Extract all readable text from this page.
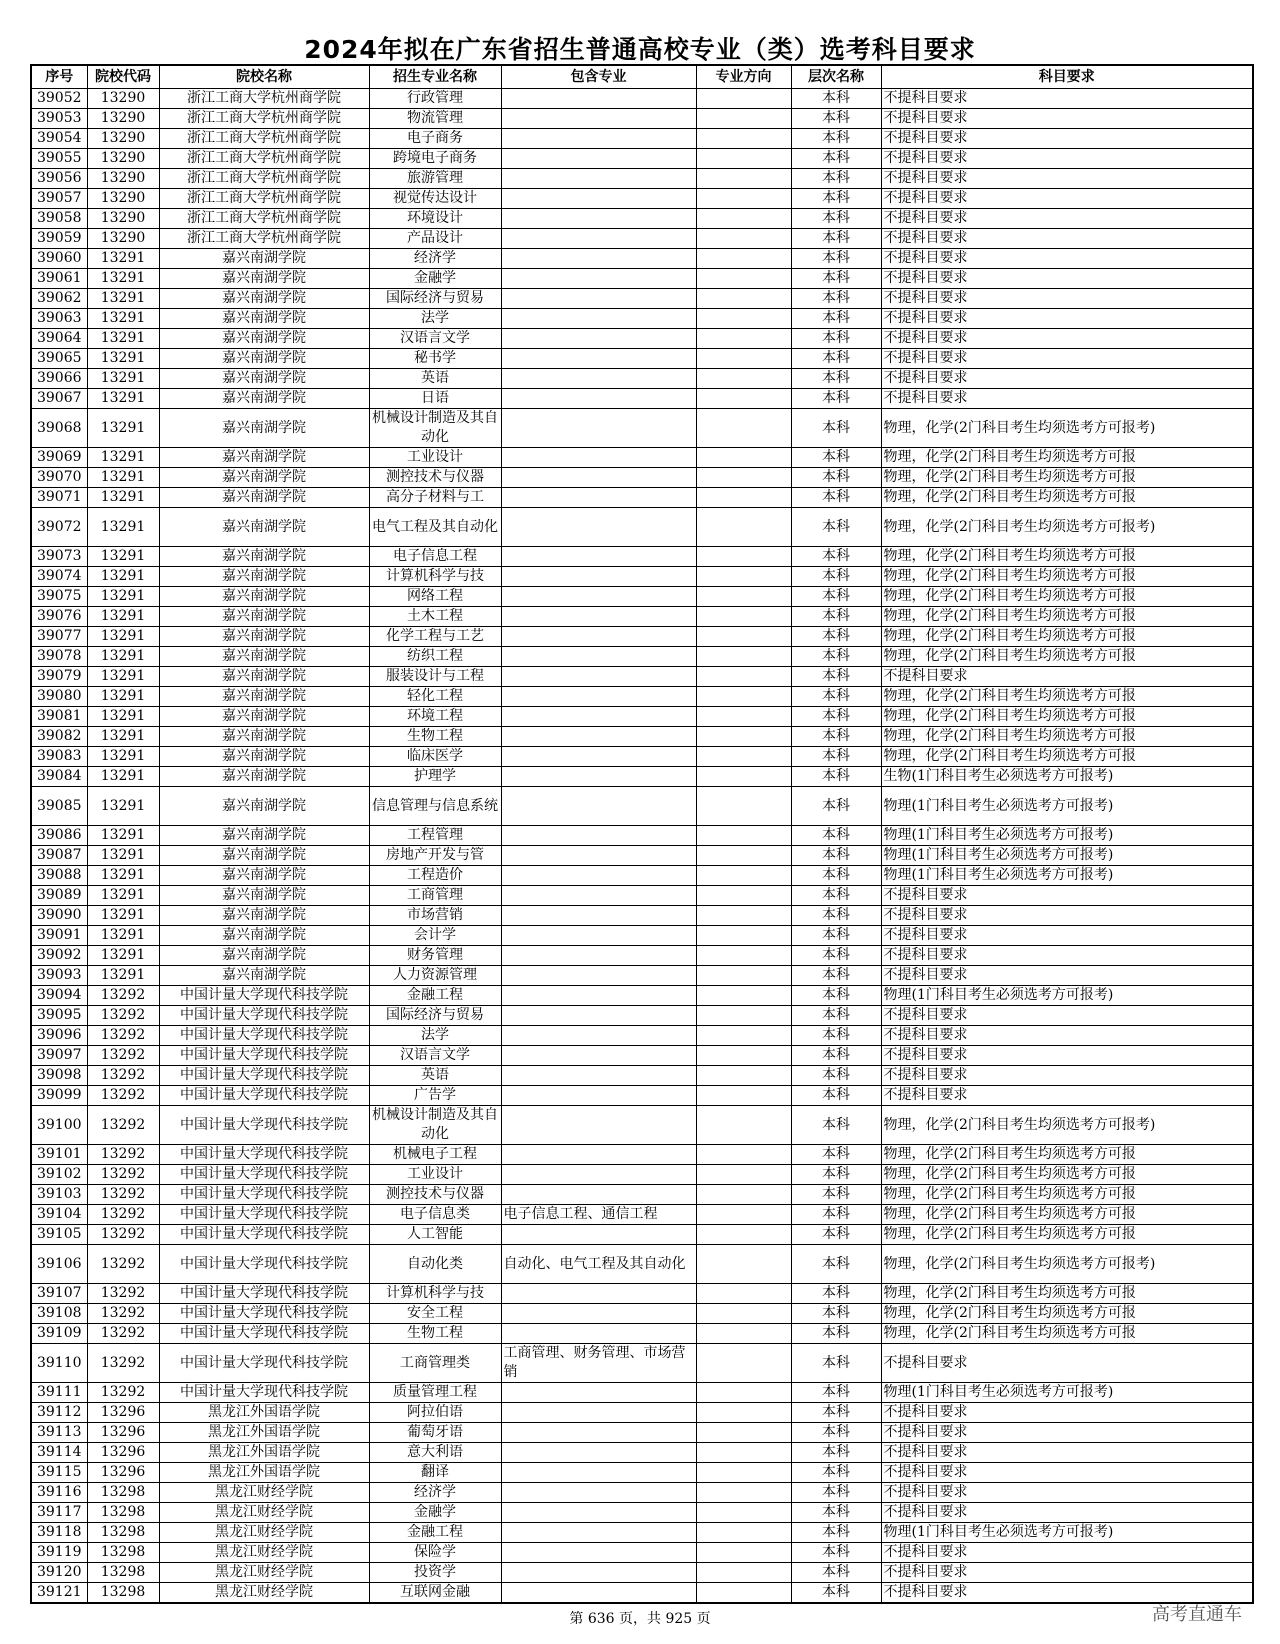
2024年拟在广东省招生普通高校专业（类）选考科目要求
序号	院校代码	院校名称	招生专业名称	包含专业	专业方向	层次名称	科目要求
39052	13290	浙江工商大学杭州商学院	行政管理			本科	不提科目要求
39053	13290	浙江工商大学杭州商学院	物流管理			本科	不提科目要求
39054	13290	浙江工商大学杭州商学院	电子商务			本科	不提科目要求
39055	13290	浙江工商大学杭州商学院	跨境电子商务			本科	不提科目要求
39056	13290	浙江工商大学杭州商学院	旅游管理			本科	不提科目要求
39057	13290	浙江工商大学杭州商学院	视觉传达设计			本科	不提科目要求
39058	13290	浙江工商大学杭州商学院	环境设计			本科	不提科目要求
39059	13290	浙江工商大学杭州商学院	产品设计			本科	不提科目要求
39060	13291	嘉兴南湖学院	经济学			本科	不提科目要求
39061	13291	嘉兴南湖学院	金融学			本科	不提科目要求
39062	13291	嘉兴南湖学院	国际经济与贸易			本科	不提科目要求
39063	13291	嘉兴南湖学院	法学			本科	不提科目要求
39064	13291	嘉兴南湖学院	汉语言文学			本科	不提科目要求
39065	13291	嘉兴南湖学院	秘书学			本科	不提科目要求
39066	13291	嘉兴南湖学院	英语			本科	不提科目要求
39067	13291	嘉兴南湖学院	日语			本科	不提科目要求
39068	13291	嘉兴南湖学院	机械设计制造及其自动化			本科	物理，化学(2门科目考生均须选考方可报考)
39069	13291	嘉兴南湖学院	工业设计			本科	物理，化学(2门科目考生均须选考方可报
39070	13291	嘉兴南湖学院	测控技术与仪器			本科	物理，化学(2门科目考生均须选考方可报
39071	13291	嘉兴南湖学院	高分子材料与工			本科	物理，化学(2门科目考生均须选考方可报
39072	13291	嘉兴南湖学院	电气工程及其自动化			本科	物理，化学(2门科目考生均须选考方可报考)
39073	13291	嘉兴南湖学院	电子信息工程			本科	物理，化学(2门科目考生均须选考方可报
39074	13291	嘉兴南湖学院	计算机科学与技			本科	物理，化学(2门科目考生均须选考方可报
39075	13291	嘉兴南湖学院	网络工程			本科	物理，化学(2门科目考生均须选考方可报
39076	13291	嘉兴南湖学院	土木工程			本科	物理，化学(2门科目考生均须选考方可报
39077	13291	嘉兴南湖学院	化学工程与工艺			本科	物理，化学(2门科目考生均须选考方可报
39078	13291	嘉兴南湖学院	纺织工程			本科	物理，化学(2门科目考生均须选考方可报
39079	13291	嘉兴南湖学院	服装设计与工程			本科	不提科目要求
39080	13291	嘉兴南湖学院	轻化工程			本科	物理，化学(2门科目考生均须选考方可报
39081	13291	嘉兴南湖学院	环境工程			本科	物理，化学(2门科目考生均须选考方可报
39082	13291	嘉兴南湖学院	生物工程			本科	物理，化学(2门科目考生均须选考方可报
39083	13291	嘉兴南湖学院	临床医学			本科	物理，化学(2门科目考生均须选考方可报
39084	13291	嘉兴南湖学院	护理学			本科	生物(1门科目考生必须选考方可报考)
39085	13291	嘉兴南湖学院	信息管理与信息系统			本科	物理(1门科目考生必须选考方可报考)
39086	13291	嘉兴南湖学院	工程管理			本科	物理(1门科目考生必须选考方可报考)
39087	13291	嘉兴南湖学院	房地产开发与管			本科	物理(1门科目考生必须选考方可报考)
39088	13291	嘉兴南湖学院	工程造价			本科	物理(1门科目考生必须选考方可报考)
39089	13291	嘉兴南湖学院	工商管理			本科	不提科目要求
39090	13291	嘉兴南湖学院	市场营销			本科	不提科目要求
39091	13291	嘉兴南湖学院	会计学			本科	不提科目要求
39092	13291	嘉兴南湖学院	财务管理			本科	不提科目要求
39093	13291	嘉兴南湖学院	人力资源管理			本科	不提科目要求
39094	13292	中国计量大学现代科技学院	金融工程			本科	物理(1门科目考生必须选考方可报考)
39095	13292	中国计量大学现代科技学院	国际经济与贸易			本科	不提科目要求
39096	13292	中国计量大学现代科技学院	法学			本科	不提科目要求
39097	13292	中国计量大学现代科技学院	汉语言文学			本科	不提科目要求
39098	13292	中国计量大学现代科技学院	英语			本科	不提科目要求
39099	13292	中国计量大学现代科技学院	广告学			本科	不提科目要求
39100	13292	中国计量大学现代科技学院	机械设计制造及其自动化			本科	物理，化学(2门科目考生均须选考方可报考)
39101	13292	中国计量大学现代科技学院	机械电子工程			本科	物理，化学(2门科目考生均须选考方可报
39102	13292	中国计量大学现代科技学院	工业设计			本科	物理，化学(2门科目考生均须选考方可报
39103	13292	中国计量大学现代科技学院	测控技术与仪器			本科	物理，化学(2门科目考生均须选考方可报
39104	13292	中国计量大学现代科技学院	电子信息类	电子信息工程、通信工程		本科	物理，化学(2门科目考生均须选考方可报
39105	13292	中国计量大学现代科技学院	人工智能			本科	物理，化学(2门科目考生均须选考方可报
39106	13292	中国计量大学现代科技学院	自动化类	自动化、电气工程及其自动化		本科	物理，化学(2门科目考生均须选考方可报考)
39107	13292	中国计量大学现代科技学院	计算机科学与技			本科	物理，化学(2门科目考生均须选考方可报
39108	13292	中国计量大学现代科技学院	安全工程			本科	物理，化学(2门科目考生均须选考方可报
39109	13292	中国计量大学现代科技学院	生物工程			本科	物理，化学(2门科目考生均须选考方可报
39110	13292	中国计量大学现代科技学院	工商管理类	工商管理、财务管理、市场营销		本科	不提科目要求
39111	13292	中国计量大学现代科技学院	质量管理工程			本科	物理(1门科目考生必须选考方可报考)
39112	13296	黑龙江外国语学院	阿拉伯语			本科	不提科目要求
39113	13296	黑龙江外国语学院	葡萄牙语			本科	不提科目要求
39114	13296	黑龙江外国语学院	意大利语			本科	不提科目要求
39115	13296	黑龙江外国语学院	翻译			本科	不提科目要求
39116	13298	黑龙江财经学院	经济学			本科	不提科目要求
39117	13298	黑龙江财经学院	金融学			本科	不提科目要求
39118	13298	黑龙江财经学院	金融工程			本科	物理(1门科目考生必须选考方可报考)
39119	13298	黑龙江财经学院	保险学			本科	不提科目要求
39120	13298	黑龙江财经学院	投资学			本科	不提科目要求
39121	13298	黑龙江财经学院	互联网金融			本科	不提科目要求
第 636 页，共 925 页	高考直通车
